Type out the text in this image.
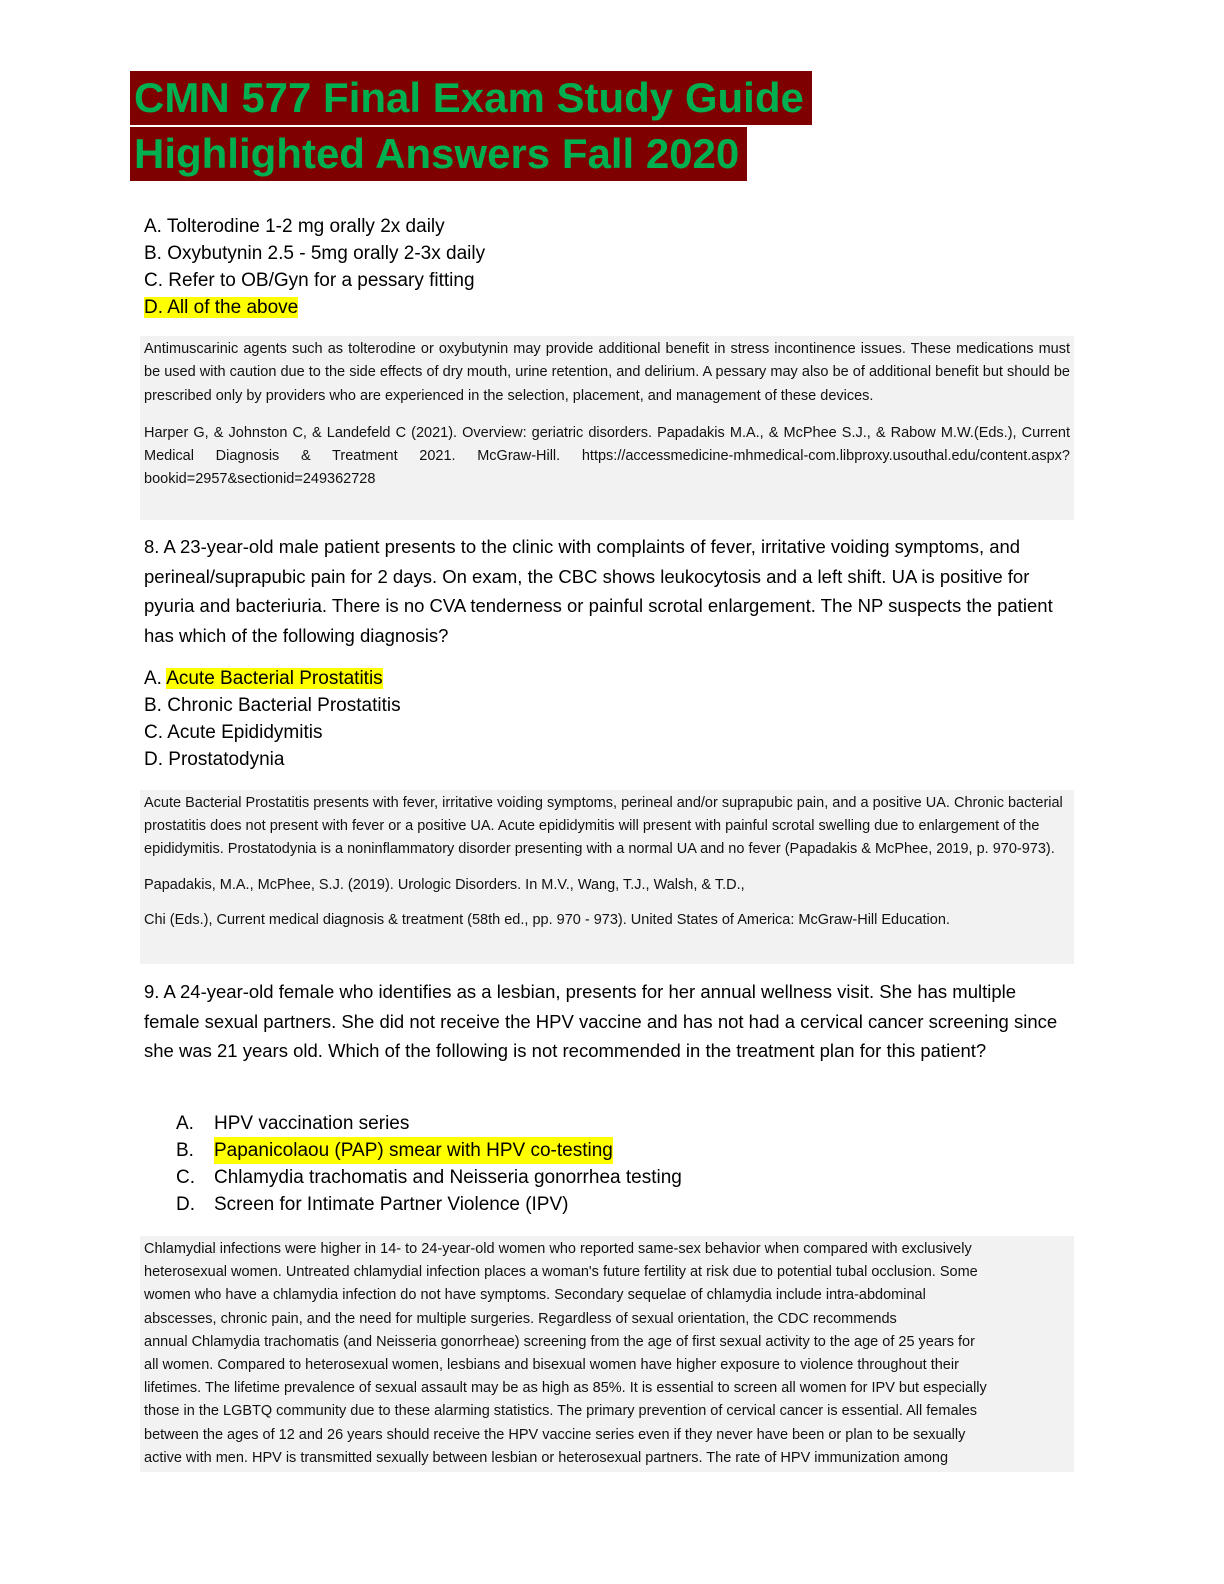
CMN 577 Final Exam Study Guide
Highlighted Answers Fall 2020
A. Tolterodine 1-2 mg orally 2x daily
B. Oxybutynin 2.5 - 5mg orally 2-3x daily
C. Refer to OB/Gyn for a pessary fitting
D. All of the above

Antimuscarinic agents such as tolterodine or oxybutynin may provide additional benefit in stress incontinence issues. These medications must be used with caution due to the side effects of dry mouth, urine retention, and delirium. A pessary may also be of additional benefit but should be prescribed only by providers who are experienced in the selection, placement, and management of these devices.

Harper G, & Johnston C, & Landefeld C (2021). Overview: geriatric disorders. Papadakis M.A., & McPhee S.J., & Rabow M.W.(Eds.), Current Medical Diagnosis & Treatment 2021. McGraw-Hill. https://accessmedicine-mhmedical-com.libproxy.usouthal.edu/content.aspx?bookid=2957&sectionid=249362728

8. A 23-year-old male patient presents to the clinic with complaints of fever, irritative voiding symptoms, and perineal/suprapubic pain for 2 days. On exam, the CBC shows leukocytosis and a left shift. UA is positive for pyuria and bacteriuria. There is no CVA tenderness or painful scrotal enlargement. The NP suspects the patient has which of the following diagnosis?

A. Acute Bacterial Prostatitis
B. Chronic Bacterial Prostatitis
C. Acute Epididymitis
D. Prostatodynia

Acute Bacterial Prostatitis presents with fever, irritative voiding symptoms, perineal and/or suprapubic pain, and a positive UA. Chronic bacterial prostatitis does not present with fever or a positive UA. Acute epididymitis will present with painful scrotal swelling due to enlargement of the epididymitis. Prostatodynia is a noninflammatory disorder presenting with a normal UA and no fever (Papadakis & McPhee, 2019, p. 970-973).

Papadakis, M.A., McPhee, S.J. (2019). Urologic Disorders. In M.V., Wang, T.J., Walsh, & T.D.,

Chi (Eds.), Current medical diagnosis & treatment (58th ed., pp. 970 - 973). United States of America: McGraw-Hill Education.

9. A 24-year-old female who identifies as a lesbian, presents for her annual wellness visit. She has multiple female sexual partners. She did not receive the HPV vaccine and has not had a cervical cancer screening since she was 21 years old. Which of the following is not recommended in the treatment plan for this patient?

A.	HPV vaccination series
B.	Papanicolaou (PAP) smear with HPV co-testing
C.	Chlamydia trachomatis and Neisseria gonorrhea testing
D.	Screen for Intimate Partner Violence (IPV)
Chlamydial infections were higher in 14- to 24-year-old women who reported same-sex behavior when compared with exclusively
heterosexual women. Untreated chlamydial infection places a woman's future fertility at risk due to potential tubal occlusion. Some
women who have a chlamydia infection do not have symptoms. Secondary sequelae of chlamydia include intra-abdominal
abscesses, chronic pain, and the need for multiple surgeries. Regardless of sexual orientation, the CDC recommends
annual Chlamydia trachomatis (and Neisseria gonorrheae) screening from the age of first sexual activity to the age of 25 years for
all women. Compared to heterosexual women, lesbians and bisexual women have higher exposure to violence throughout their
lifetimes. The lifetime prevalence of sexual assault may be as high as 85%. It is essential to screen all women for IPV but especially
those in the LGBTQ community due to these alarming statistics. The primary prevention of cervical cancer is essential. All females
between the ages of 12 and 26 years should receive the HPV vaccine series even if they never have been or plan to be sexually
active with men. HPV is transmitted sexually between lesbian or heterosexual partners. The rate of HPV immunization among
